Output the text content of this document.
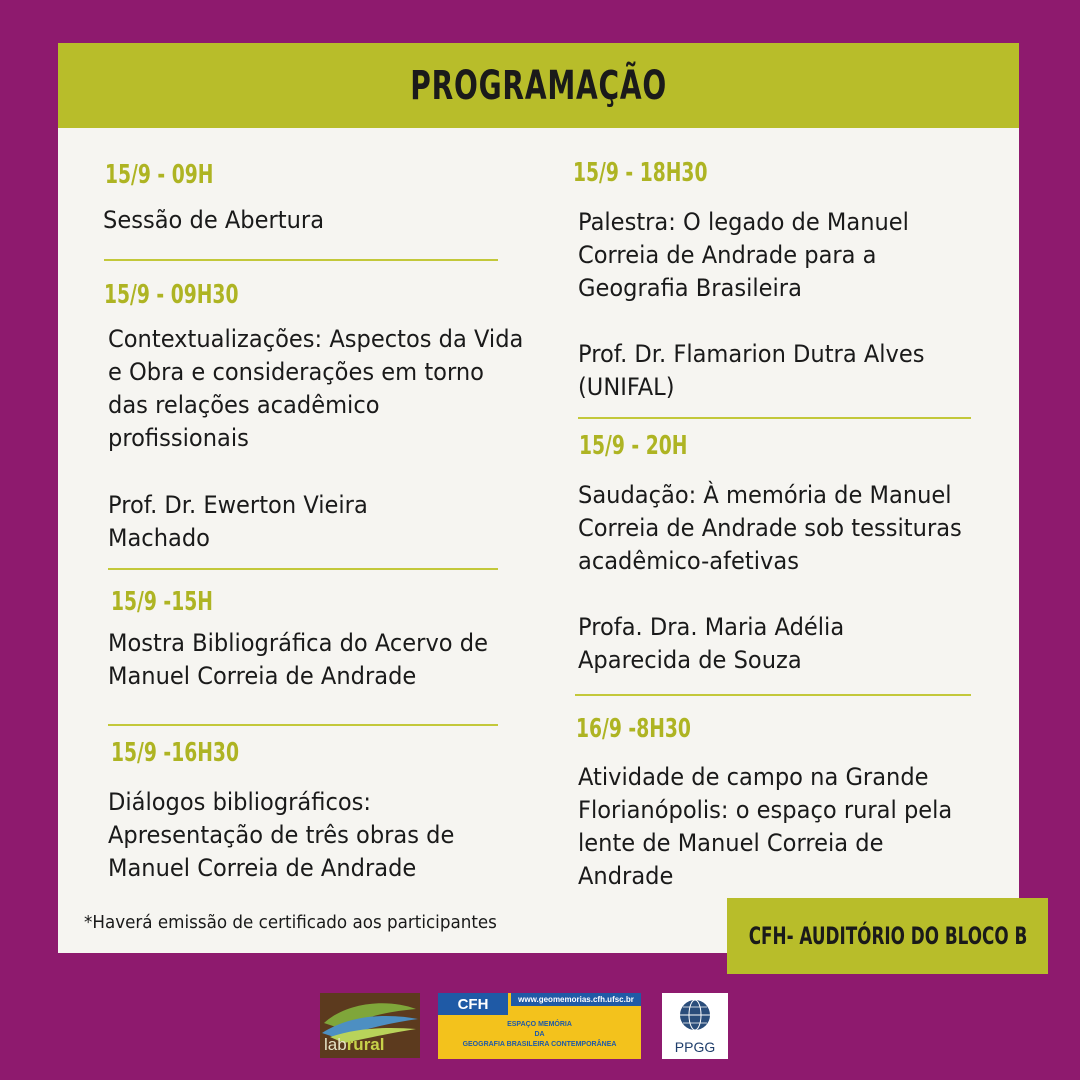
PROGRAMAÇÃO
15/9 - 09H
Sessão de Abertura
15/9 - 09H30
Contextualizações: Aspectos da Vida e Obra e considerações em torno das relações acadêmico profissionais
Prof. Dr. Ewerton Vieira Machado
15/9 -15H
Mostra Bibliográfica do Acervo de Manuel Correia de Andrade
15/9 -16H30
Diálogos bibliográficos: Apresentação de três obras de Manuel Correia de Andrade
15/9 - 18H30
Palestra: O legado de Manuel Correia de Andrade para a Geografia Brasileira
Prof. Dr. Flamarion Dutra Alves (UNIFAL)
15/9 - 20H
Saudação: À memória de Manuel Correia de Andrade sob tessituras acadêmico-afetivas
Profa. Dra. Maria Adélia Aparecida de Souza
16/9 -8H30
Atividade de campo na Grande Florianópolis: o espaço rural pela lente de Manuel Correia de Andrade
*Haverá emissão de certificado aos participantes	CFH- AUDITÓRIO DO BLOCO B
labrural
CFH	www.geomemorias.cfh.ufsc.br
ESPAÇO MEMÓRIA
DA
GEOGRAFIA BRASILEIRA CONTEMPORÂNEA	PPGG
